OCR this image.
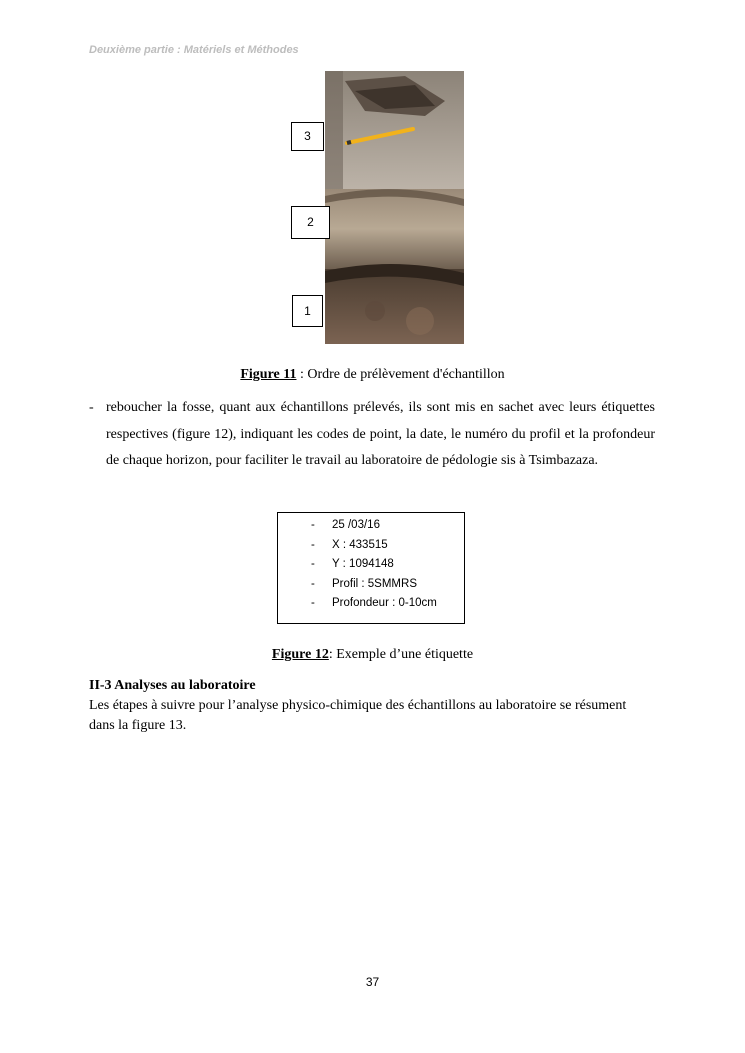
Deuxième partie : Matériels et Méthodes
3
2
1
Figure 11 : Ordre de prélèvement d'échantillon
- reboucher la fosse, quant aux échantillons prélevés, ils sont mis en sachet avec leurs étiquettes respectives (figure 12), indiquant les codes de point, la date, le numéro du profil et la profondeur de chaque horizon, pour faciliter le travail au laboratoire de pédologie sis à Tsimbazaza.
- 25 /03/16
- X : 433515
- Y : 1094148
- Profil : 5SMMRS
- Profondeur : 0-10cm
Figure 12: Exemple d’une étiquette
II-3 Analyses au laboratoire
Les étapes à suivre pour l’analyse physico-chimique des échantillons au laboratoire se résument dans la figure 13.
37
